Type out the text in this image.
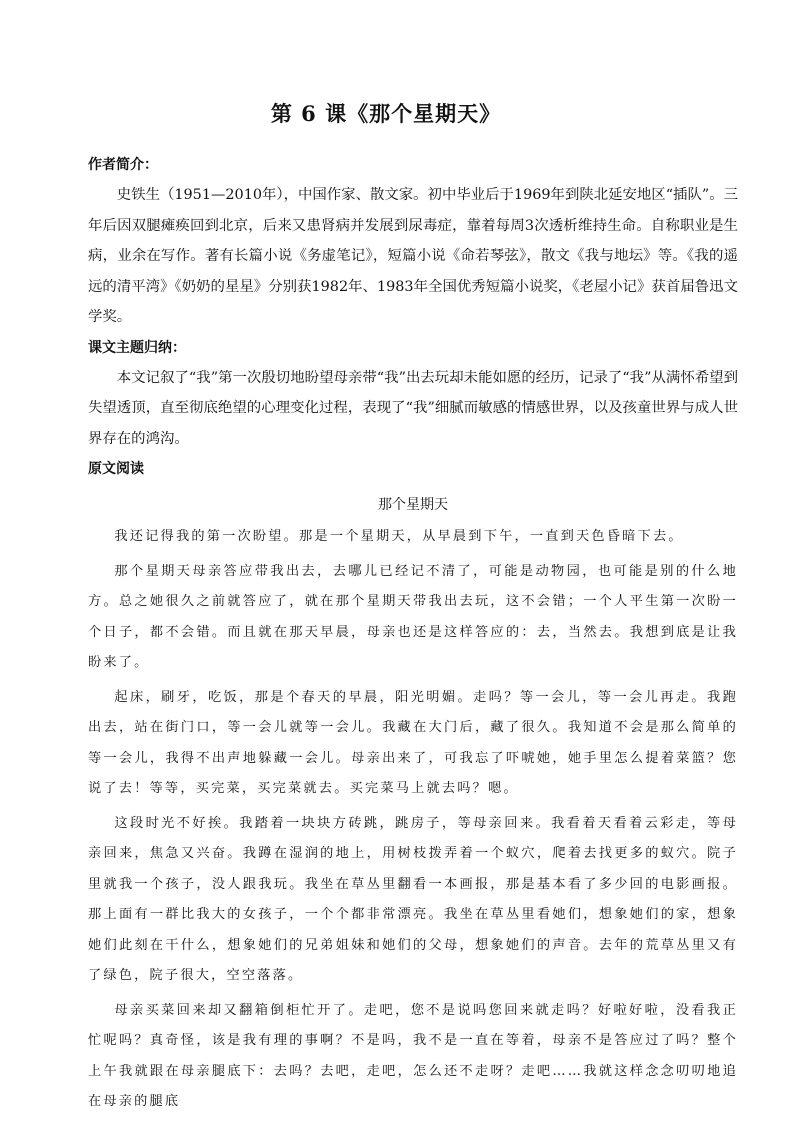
第 6 课《那个星期天》

作者简介：

史铁生（1951—2010年），中国作家、散文家。初中毕业后于1969年到陕北延安地区“插队”。三年后因双腿瘫痪回到北京，后来又患肾病并发展到尿毒症，靠着每周3次透析维持生命。自称职业是生病，业余在写作。著有长篇小说《务虚笔记》，短篇小说《命若琴弦》，散文《我与地坛》等。《我的遥远的清平湾》《奶奶的星星》分别获1982年、1983年全国优秀短篇小说奖，《老屋小记》获首届鲁迅文学奖。

课文主题归纳：

本文记叙了“我”第一次殷切地盼望母亲带“我”出去玩却未能如愿的经历，记录了“我”从满怀希望到失望透顶，直至彻底绝望的心理变化过程，表现了“我”细腻而敏感的情感世界，以及孩童世界与成人世界存在的鸿沟。

原文阅读

那个星期天

我还记得我的第一次盼望。那是一个星期天，从早晨到下午，一直到天色昏暗下去。

那个星期天母亲答应带我出去，去哪儿已经记不清了，可能是动物园，也可能是别的什么地方。总之她很久之前就答应了，就在那个星期天带我出去玩，这不会错；一个人平生第一次盼一个日子，都不会错。而且就在那天早晨，母亲也还是这样答应的：去，当然去。我想到底是让我盼来了。

起床，刷牙，吃饭，那是个春天的早晨，阳光明媚。走吗？等一会儿，等一会儿再走。我跑出去，站在街门口，等一会儿就等一会儿。我藏在大门后，藏了很久。我知道不会是那么简单的等一会儿，我得不出声地躲藏一会儿。母亲出来了，可我忘了吓唬她，她手里怎么提着菜篮？您说了去！等等，买完菜，买完菜就去。买完菜马上就去吗？嗯。

这段时光不好挨。我踏着一块块方砖跳，跳房子，等母亲回来。我看着天看着云彩走，等母亲回来，焦急又兴奋。我蹲在湿润的地上，用树枝拨弄着一个蚁穴，爬着去找更多的蚁穴。院子里就我一个孩子，没人跟我玩。我坐在草丛里翻看一本画报，那是基本看了多少回的电影画报。那上面有一群比我大的女孩子，一个个都非常漂亮。我坐在草丛里看她们，想象她们的家，想象她们此刻在干什么，想象她们的兄弟姐妹和她们的父母，想象她们的声音。去年的荒草丛里又有了绿色，院子很大，空空落落。

母亲买菜回来却又翻箱倒柜忙开了。走吧，您不是说吗您回来就走吗？好啦好啦，没看我正忙呢吗？真奇怪，该是我有理的事啊？不是吗，我不是一直在等着，母亲不是答应过了吗？整个上午我就跟在母亲腿底下：去吗？去吧，走吧，怎么还不走呀？走吧……我就这样念念叨叨地追在母亲的腿底
